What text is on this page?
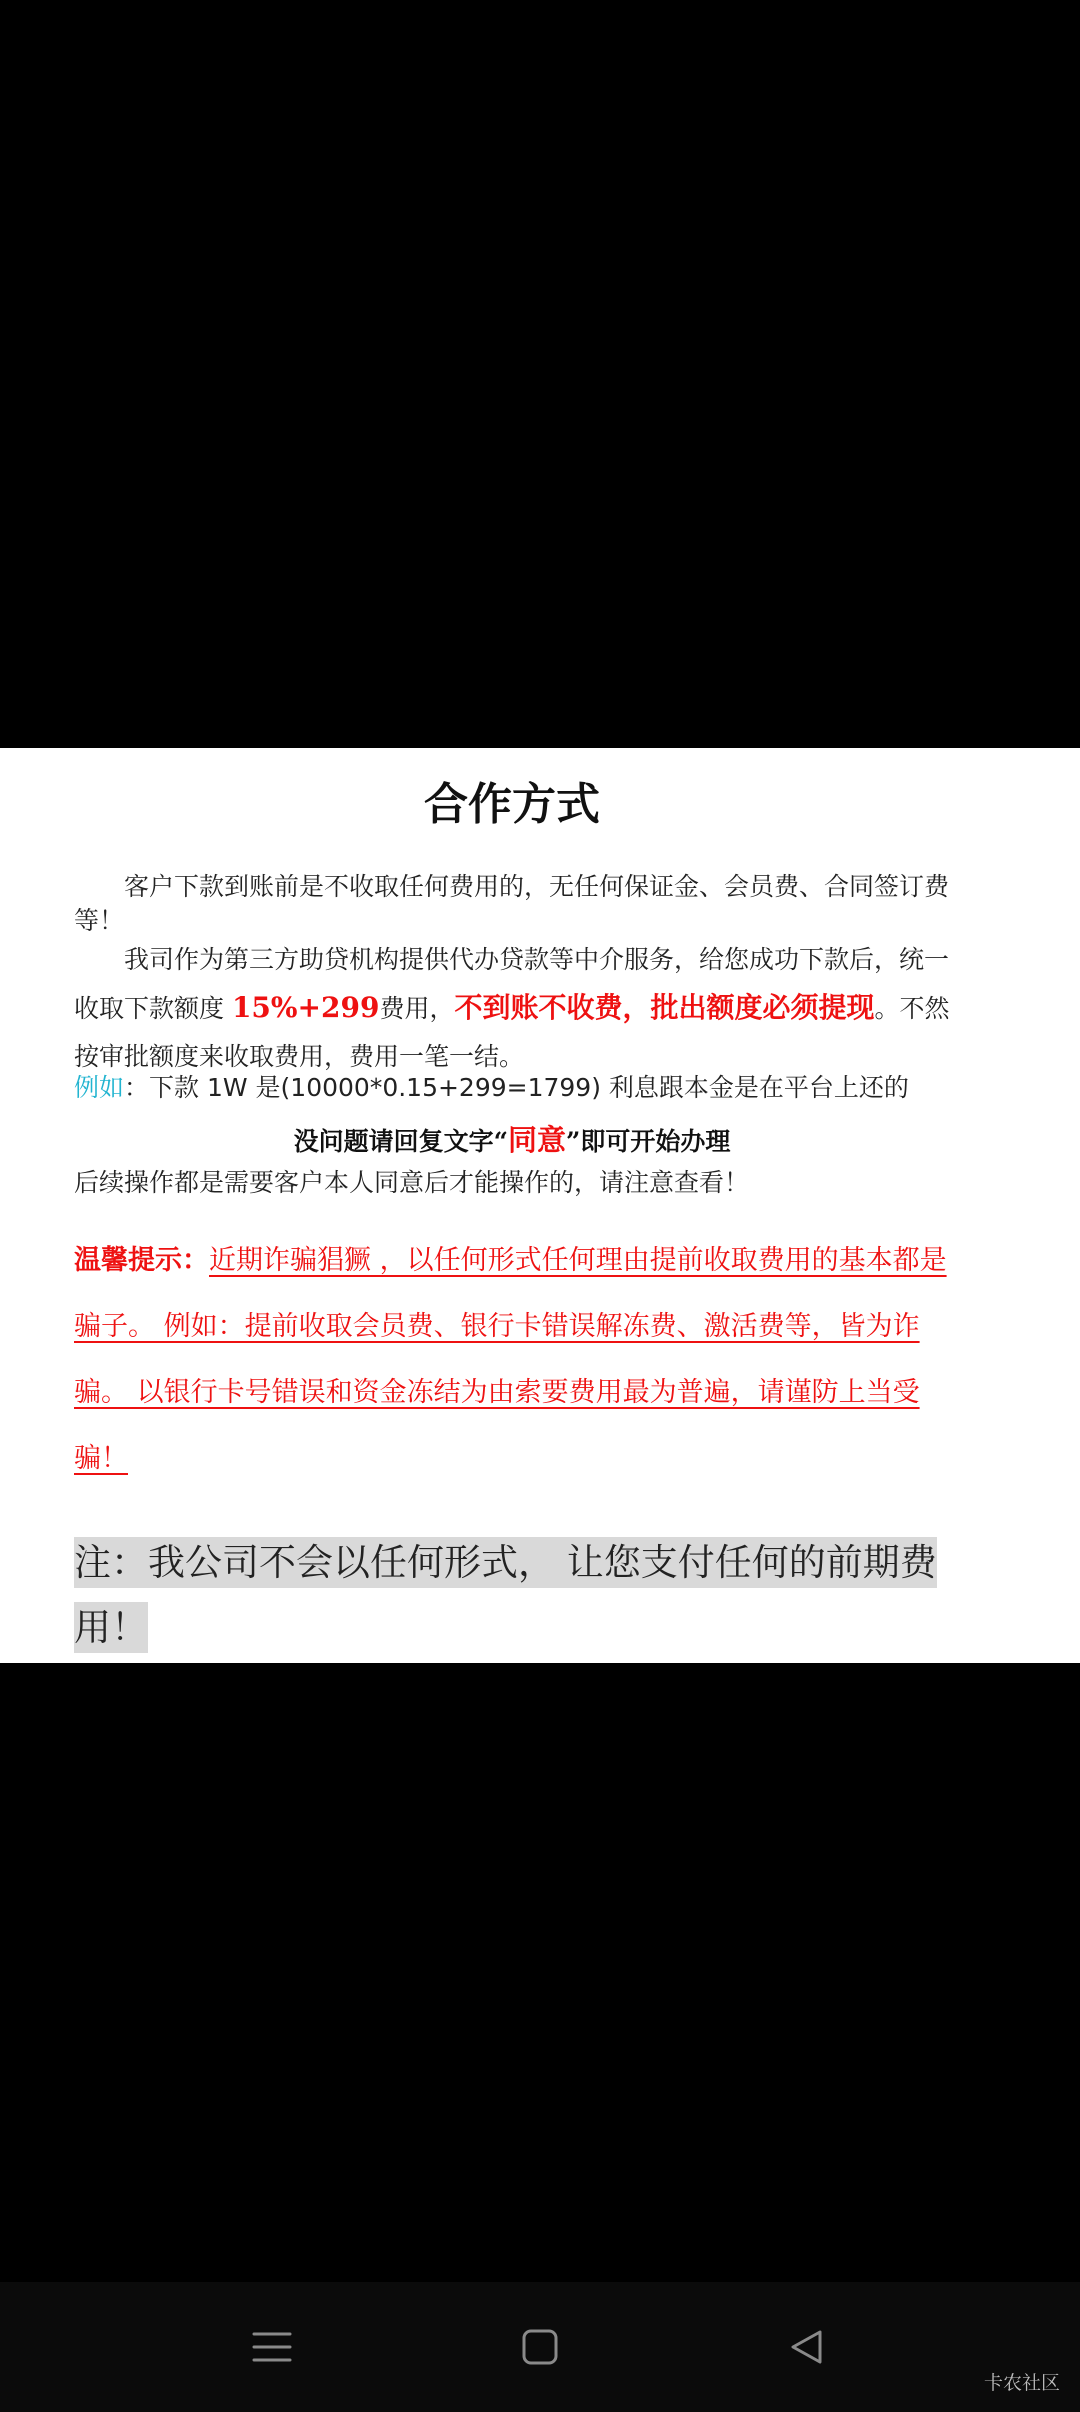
合作方式

客户下款到账前是不收取任何费用的，无任何保证金、会员费、合同签订费等！

我司作为第三方助贷机构提供代办贷款等中介服务，给您成功下款后，统一收取下款额度 15%+299费用，不到账不收费，批出额度必须提现。不然按审批额度来收取费用，费用一笔一结。

例如：下款 1W 是(10000*0.15+299=1799) 利息跟本金是在平台上还的

没问题请回复文字“同意”即可开始办理

后续操作都是需要客户本人同意后才能操作的，请注意查看！

温馨提示：近期诈骗猖獗 ，以任何形式任何理由提前收取费用的基本都是骗子。 例如：提前收取会员费、银行卡错误解冻费、激活费等，皆为诈骗。 以银行卡号错误和资金冻结为由索要费用最为普遍，请谨防上当受骗！
注：我公司不会以任何形式， 让您支付任何的前期费用！
卡农社区
